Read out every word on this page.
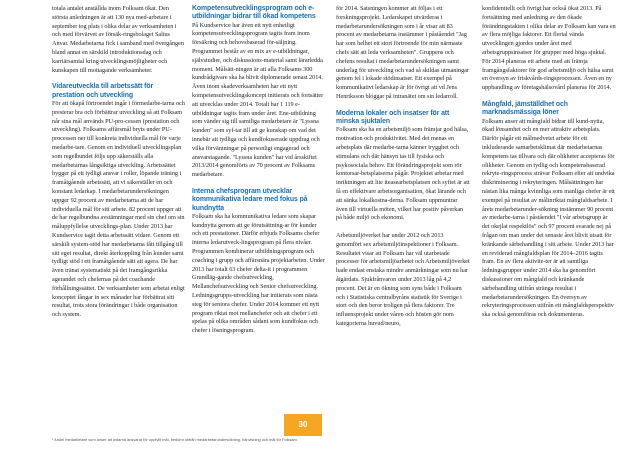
totala antalet anställda inom Folksam ökat. Den största anledningen är att 130 nya med-arbetare i september tog plats i olika delar av verksamheten i och med förvärvet av försäk-ringsbolaget Saltus Anvar. Medarbetarna fick i samband med övergången bland annat en särskild introduktionsdag och karriärsamtal kring utvecklingsmöjligheter och kunskapen till mottagande verksamheter.

Vidareutveckla till arbetssätt för prestation och utveckling

För att ökapå förtroendet ingår i förmedarbe-tarna och presterar bra och förbättrar utveckling så att Folksam når sina mål används PU-pro-cessen (prestation och utveckling). Folksams affärsmål bryts under PU-processen ner till konkreta individuella mål för varje medarbe-tare. Genom en individuell utvecklingsplan som regelbundet följs upp säkerställs alla medarbetarnas långsiktiga utveckling. Arbetssättet bygger på ett tydligt ansvar i roller, löpande träning i framåtgående arbetssätt, att vi säkerställer en och konstant ledarkap. I medarbetarundersökningen uppger 92 procent av medarbetarna att de har individuella mål för sitt arbete. 82 procent uppger att de har regelbundna avstämningar med sin chef om sin måluppfyllelse utvecklings-plan. Under 2013 har Kundservice tagit detta arbetssätt vidare. Genom ett särskilt system-stöd har medarbetarna fått tillgång till sitt eget resultat, direkt återkoppling från kunder samt tydligt stöd i ett framåtgående sätt att agera. De har även tränat systematiskt på det framgångsrikka agerandet och chefernas på det coachande förhållningssättet. De verksamheter som arbetat enligt konceptet fångar in sex månader har förbättrat sitt resultat, trots stora förändringar i både organisation och system.

Kompetensutvecklingsprogram och e-utbildningar bidrar till ökad kompetens

På Kundservice har även ett nytt enhetligt kompetensutvecklingsprogram tagits fram inom försäkring och behovsbaserad för-säljning. Programmet består av en mix av e-utbildningar, självstudier, och diskussions-material samt lärarledda moment. Målsätt-ningen är att alla Folksams 300 kundrådgivare ska ha blivit diplomerade senast 2014. Även inom skadeverksamheten har ett nytt kompetensutvecklingskoncept initierats och fortsätter att utvecklas under 2014. Totalt har 1 119 e-utbildningar tagits fram under året. Ene-utbildning som vänder sig till samtliga medarbetare är "Lyssna kunden" som syf-tar till att ge kunskap om vad det innebär att tydliga och kundfokuserade uppdrag och vilka förväntningar på personligt engagerad och ansvarstagande. "Lyssna kunden" har vid årsskiftet 2013/2014 genomförts av 70 procent av Folksams medarbetare.

Interna chefsprogram utvecklar kommunikativa ledare med fokus på kundnytta

Folksam ska ha kommunikativa ledare som skapar kundnytta genom att ge förutsättning-ar för kunder och ett prestationer. Därför erbjuds Folksams chefer interna ledarutveck-lingsprogram på flera nivåer. Programmen kombinerar utbildningsprogram och coaching i grupp och affärsnära projektarbeten. Under 2013 har totalt 63 chefer delta-it i programmen Grundläg-gande chefsutveckling, Mellanchefsutveckling och Senior chefsutveckling. Ledningsgrupps-utveckling har initierats som nästa steg för seniora chefer. Under 2014 kommer ett nytt program riktat mot mellanchefer och att chefer i ett spelas på olika områden sådant som kundfokus och chefer i lösningsprogram.

för 2014. Satsningen kommer att följas i ett forskningsprojekt. Ledarskapet utvärderas i medarbetarundersökningen som i år visar att 83 procent av medarbetarna instämmer i påståendet "Jag har som helhet ett stort förtroende för min närmaste chefs sätt att leda verksamheten". Gruppens och chefens resultat i medarbetarundersökningen samt underlag för utveckling och vad så skildas utmaningar genom fel i lokade stödinsatser. Ett exempel på kommunikativt ledarskap är för övrigt att vd Jens Henriksson bloggar på intranätet om sin ledarroll.

Moderna lokaler och insatser för att minska sjuktalen

Folksam ska ha en arbetsmiljö som främjar god hälsa, motivation och produktivitet. Med det menas en arbetsplats där medarbe-tarna känner trygghet och stimulans och där hänsyn tas till fysiska och psykosociala behov. Ett förändringsprojekt som rör kontorsar-betsplatserna pågår. Projektet arbetar med inriktningen att lite iteasearbetsplatsen och syftet är att få en effektivare arbetsorganisation, ökat lärande och att sänka lokalkostna-derna. Folksam uppmuntrar även till virtuella möten, vilket har positiv påverkan på både miljö och ekonomi.

Arbetsmiljöverket har under 2012 och 2013 genomfört sex arbetsmiljöinspektioner i Folksam. Resultatet visar att Folksam har väl utarbetade processer för arbetsmiljöarbetet och Arbetsmiljöverket hade endast enstaka mindre anmärkningar som nu har åtgärdats. Sjukfrånvaron under 2013 låg på 4,2 procent. Det är en ökning som syns både i Folksam och i Statistiska centralbyråns statistik för Sverige i stort och den beror troligen på flera faktorer. Tre influensprojekt under våren och hösten gör nom kategorierna huvud/neuro,

konfidentiellt och övrigt har också ökat 2013. På fortsättning med anledning av den ökade förändringstakten i olika delar av Folksam kan vara en av flera möjliga faktorer. Ett flertal vända utvecklingen gjordes under året med arbetsgruppsinsatser för grupper med höga sjuktal. För 2014 planeras ett arbete med att främja framgångsfaktorer för god arbetsmiljö och hälsa samt en översyn av friskvårds-ringsprocessen. Även en ny uppbandling av företagshälsovård planeras för 2014.

Mångfald, jämställdhet och marknadsmässiga löner

Folksam anser att mångfald bidrar till kund-nytta, ökad lönsamhet och en mer attraktiv arbetsplats. Därför pågår ett målmedvetet arbete för ett inkluderande samarbetsklimat där medarbetarnas kompetens tas tillvara och där olikheter accepteras för olikheter. Genom en tydlig och kompetensbaserad rekryte-ringsprocess strävar Folksam efter att undvika diskriminering i rekryteringen. Målsättningen har nästan lika många kvinnliga som manliga chefer är ett exempel på resultat av målinriktat mångfaldsarbete. I årets medarbetarunder-sökning instämmer 90 procent av medarbe-tarna i påståendet "I vår arbetsgrupp är det okejlat respektlös" och 97 procent svarade nej på frågan om man under det senaste året blivit utsatt för kränkande särbehandling i sitt arbete. Under 2013 har en reviderad mångfaldsplan för 2014–2016 tagits fram. En av flera aktivite-ter är att samtliga ledningsgrupper under 2014 ska ha genomfört diskussioner om mångfald och kränkande särbehandling utifrån stränga resultat i medarbetarundersökningen. En översyn av rekryteringsprocessen utifrån ett mångfaldsperspektiv ska också genomföras och dokumenteras.

¹ Andel medarbetare som anser att ledarna ansvarar för uppfyllt mål, bedömt utifrån medarbetarundersökning, hänvisning och mål för Folksam.

30
